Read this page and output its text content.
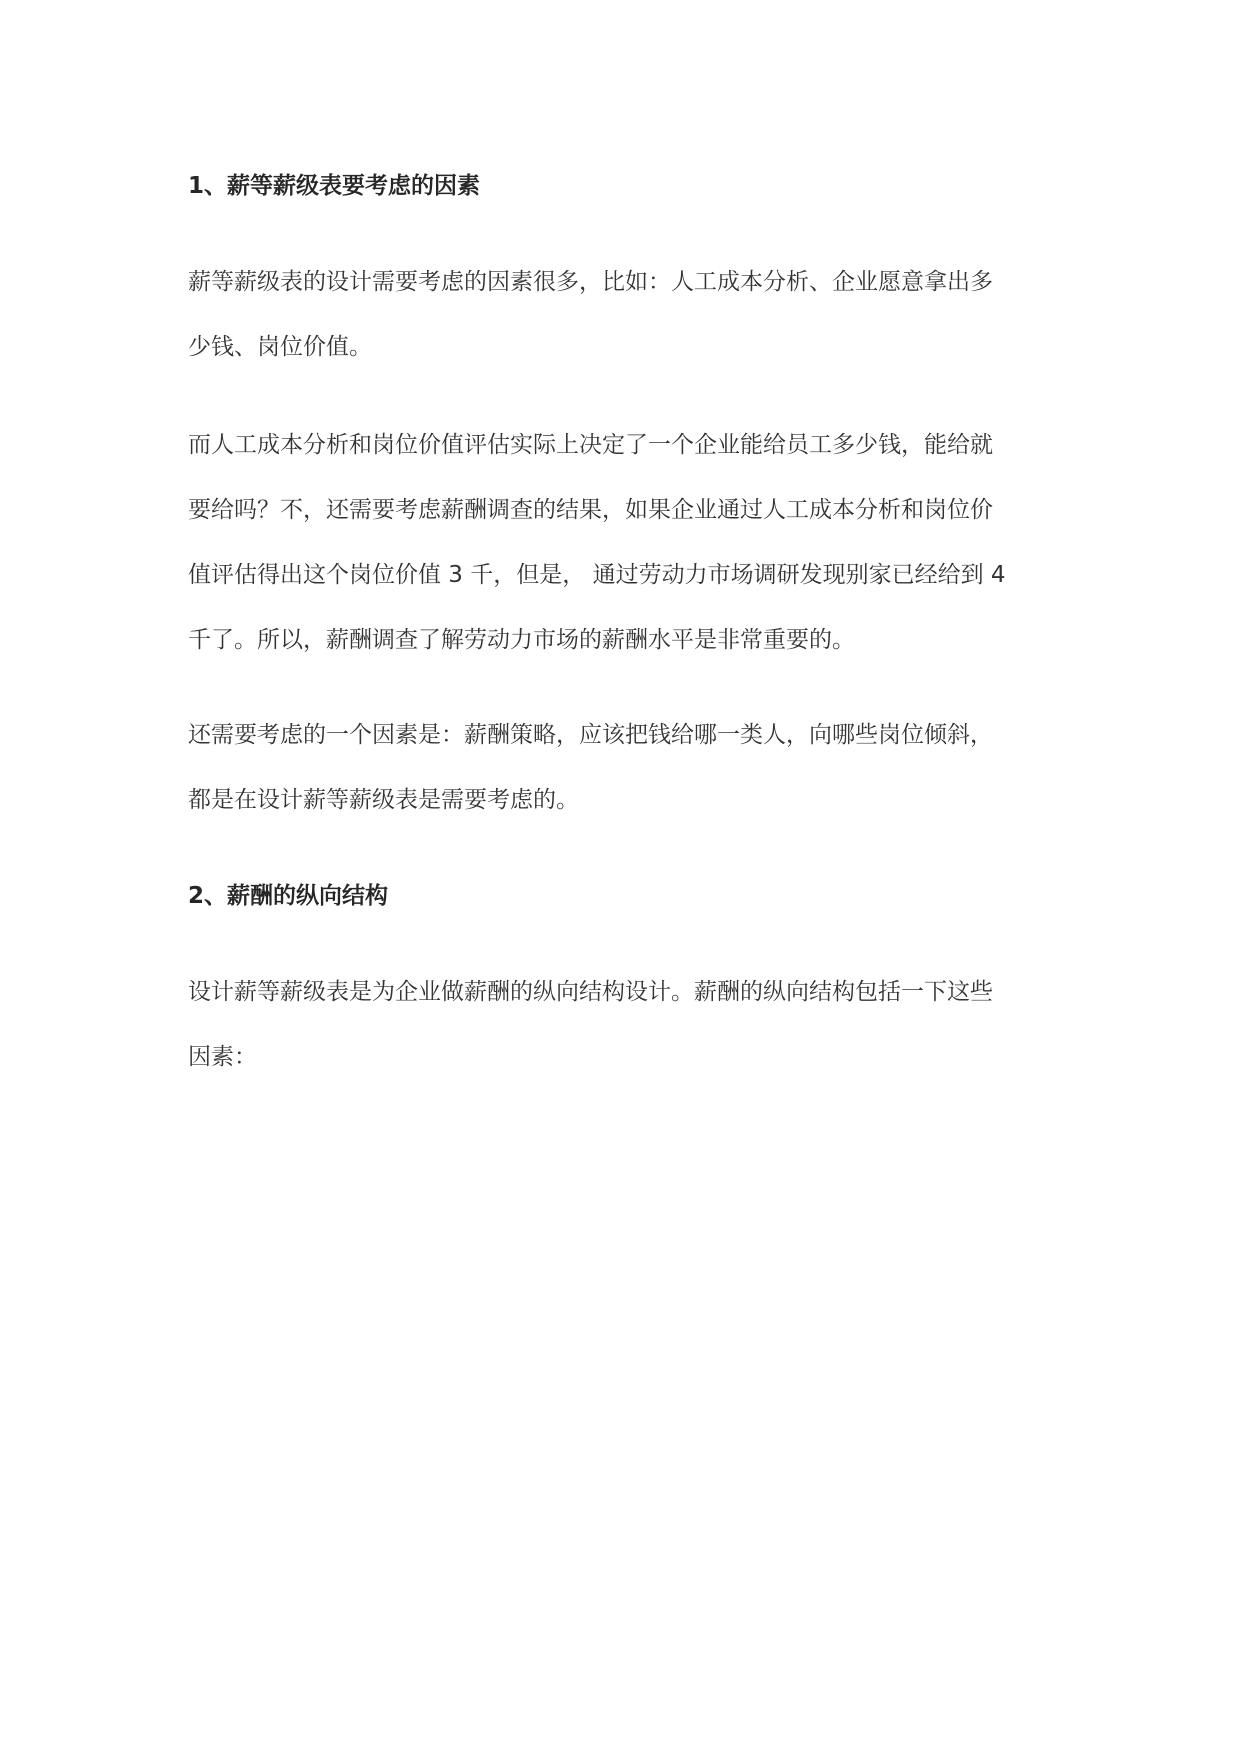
1、薪等薪级表要考虑的因素
薪等薪级表的设计需要考虑的因素很多，比如：人工成本分析、企业愿意拿出多
少钱、岗位价值。
而人工成本分析和岗位价值评估实际上决定了一个企业能给员工多少钱，能给就
要给吗？不，还需要考虑薪酬调查的结果，如果企业通过人工成本分析和岗位价
值评估得出这个岗位价值 3 千，但是， 通过劳动力市场调研发现别家已经给到 4
千了。所以，薪酬调查了解劳动力市场的薪酬水平是非常重要的。
还需要考虑的一个因素是：薪酬策略，应该把钱给哪一类人，向哪些岗位倾斜，
都是在设计薪等薪级表是需要考虑的。
2、薪酬的纵向结构
设计薪等薪级表是为企业做薪酬的纵向结构设计。薪酬的纵向结构包括一下这些
因素：
